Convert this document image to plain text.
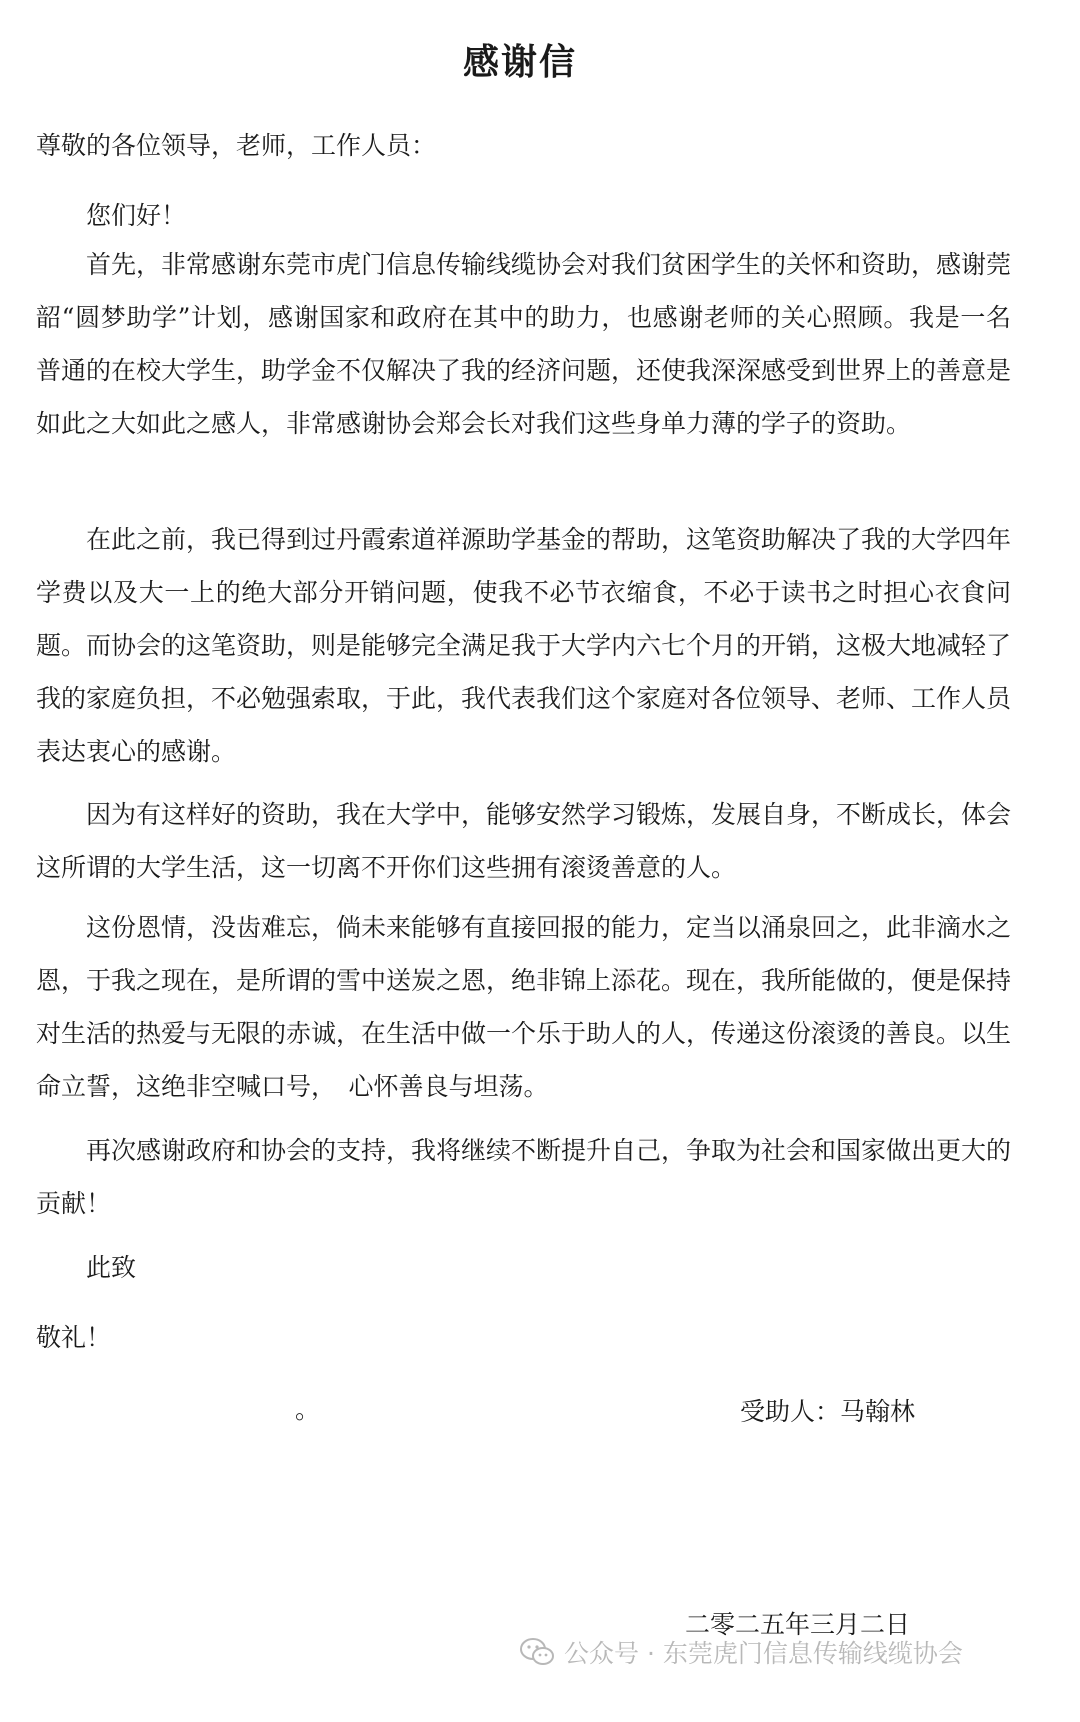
感谢信
尊敬的各位领导，老师，工作人员：
您们好！

首先，非常感谢东莞市虎门信息传输线缆协会对我们贫困学生的关怀和资助，感谢莞韶“圆梦助学”计划，感谢国家和政府在其中的助力，也感谢老师的关心照顾。我是一名普通的在校大学生，助学金不仅解决了我的经济问题，还使我深深感受到世界上的善意是如此之大如此之感人，非常感谢协会郑会长对我们这些身单力薄的学子的资助。

在此之前，我已得到过丹霞索道祥源助学基金的帮助，这笔资助解决了我的大学四年学费以及大一上的绝大部分开销问题，使我不必节衣缩食，不必于读书之时担心衣食问题。而协会的这笔资助，则是能够完全满足我于大学内六七个月的开销，这极大地减轻了我的家庭负担，不必勉强索取，于此，我代表我们这个家庭对各位领导、老师、工作人员表达衷心的感谢。

因为有这样好的资助，我在大学中，能够安然学习锻炼，发展自身，不断成长，体会这所谓的大学生活，这一切离不开你们这些拥有滚烫善意的人。

这份恩情，没齿难忘，倘未来能够有直接回报的能力，定当以涌泉回之，此非滴水之恩，于我之现在，是所谓的雪中送炭之恩，绝非锦上添花。现在，我所能做的，便是保持对生活的热爱与无限的赤诚，在生活中做一个乐于助人的人，传递这份滚烫的善良。以生命立誓，这绝非空喊口号，　心怀善良与坦荡。

再次感谢政府和协会的支持，我将继续不断提升自己，争取为社会和国家做出更大的贡献！

此致
敬礼！
。	受助人：马翰林
二零二五年三月二日
公众号 · 东莞虎门信息传输线缆协会
